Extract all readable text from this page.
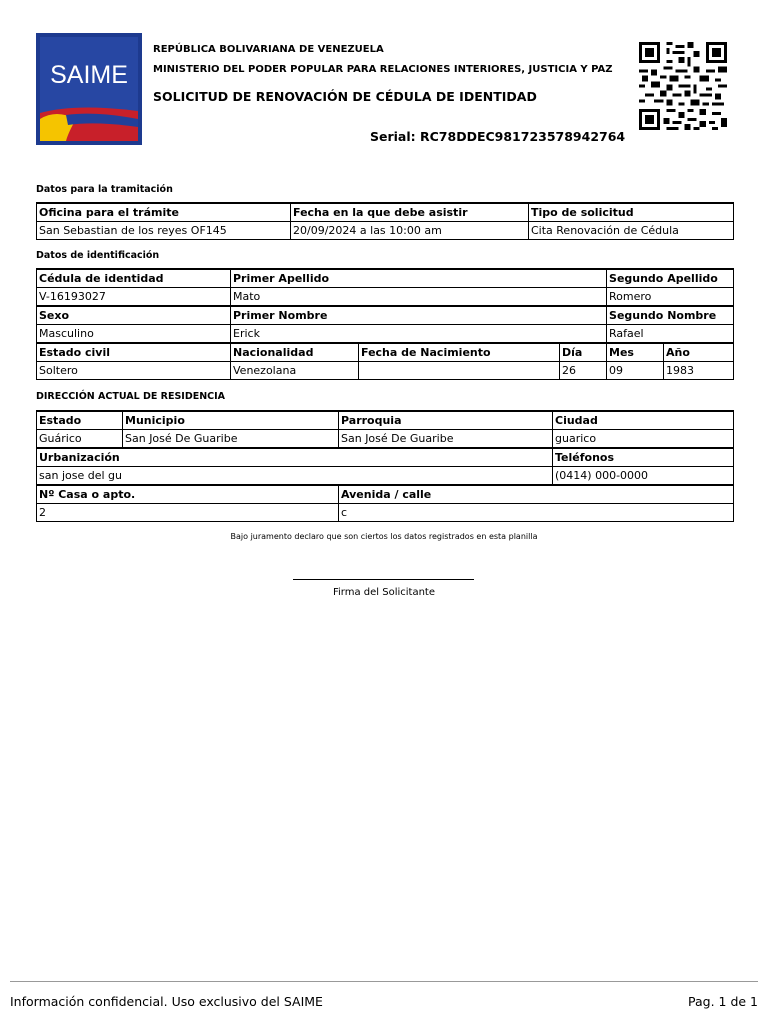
SAIME
REPÚBLICA BOLIVARIANA DE VENEZUELA
MINISTERIO DEL PODER POPULAR PARA RELACIONES INTERIORES, JUSTICIA Y PAZ
SOLICITUD DE RENOVACIÓN DE CÉDULA DE IDENTIDAD
Serial: RC78DDEC981723578942764
Datos para la tramitación
Oficina para el trámite	Fecha en la que debe asistir	Tipo de solicitud
San Sebastian de los reyes OF145	20/09/2024 a las 10:00 am	Cita Renovación de Cédula
Datos de identificación
Cédula de identidad	Primer Apellido			Segundo Apellido	
V-16193027	Mato			Romero	
Sexo	Primer Nombre			Segundo Nombre	
Masculino	Erick			Rafael	
Estado civil	Nacionalidad	Fecha de Nacimiento	Día	Mes	Año
Soltero	Venezolana		26	09	1983
DIRECCIÓN ACTUAL DE RESIDENCIA
Estado	Municipio	Parroquia	Ciudad
Guárico	San José De Guaribe	San José De Guaribe	guarico
Urbanización			Teléfonos
san jose del gu			(0414) 000-0000
Nº Casa o apto.		Avenida / calle	
2		c	
Bajo juramento declaro que son ciertos los datos registrados en esta planilla
Firma del Solicitante
Información confidencial. Uso exclusivo del SAIME	Pag. 1 de 1
